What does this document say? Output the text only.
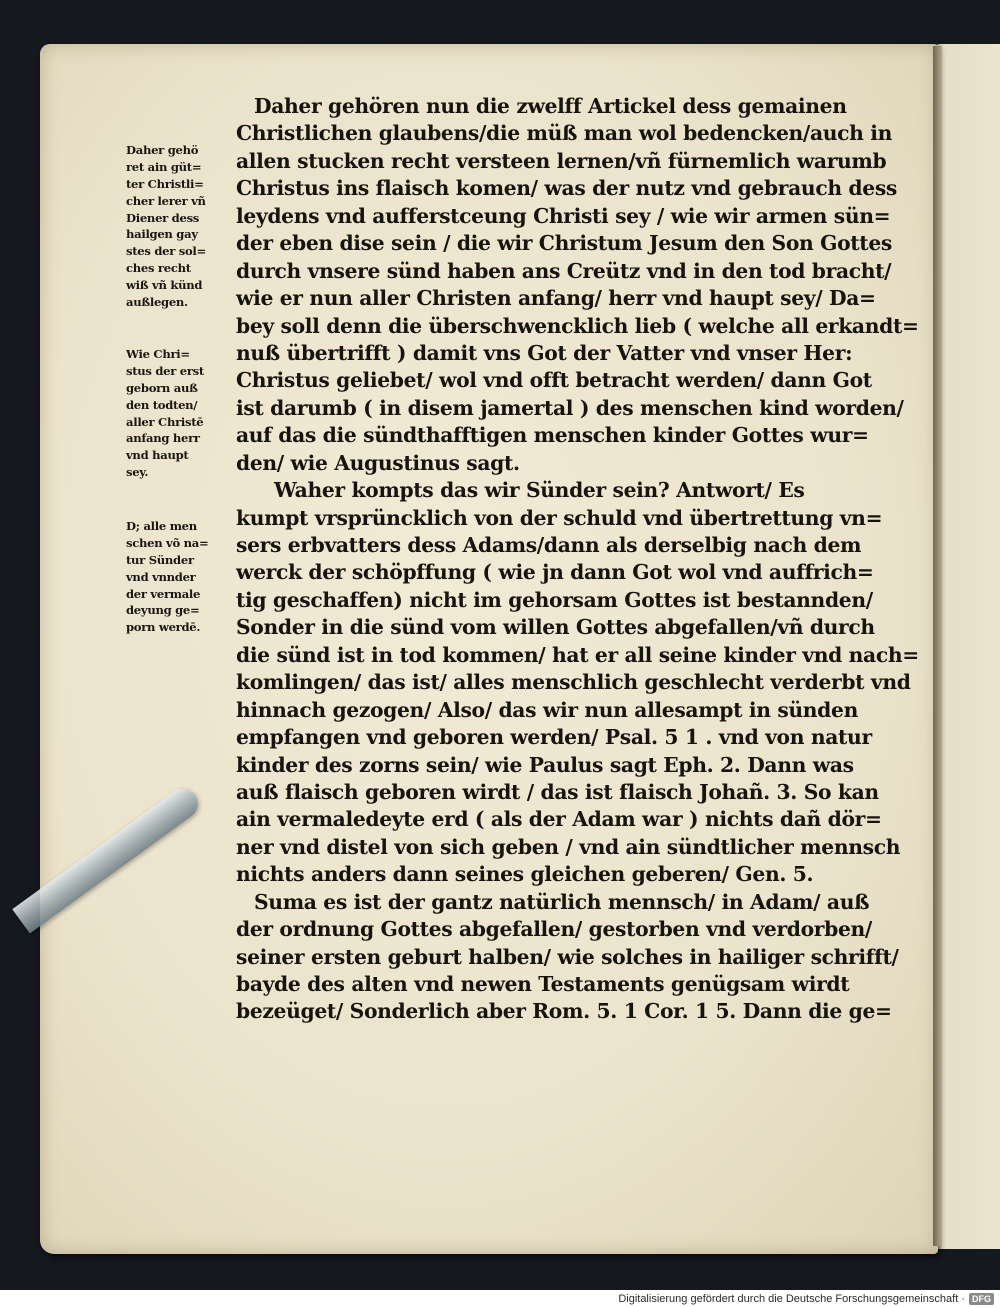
Daher gehö
ret ain güt=
ter Christli=
cher lerer vñ
Diener dess
hailgen gay
stes der sol=
ches recht
wiß vñ künd
außlegen.
Wie Chri=
stus der erst
geborn auß
den todten/
aller Christē
anfang herr
vnd haupt
sey.
D; alle men
schen võ na=
tur Sünder
vnd vnnder
der vermale
deyung ge=
porn werdē.
Daher gehören nun die zwelff Artickel dess gemainen
Christlichen glaubens/die müß man wol bedencken/auch in
allen stucken recht versteen lernen/vñ fürnemlich warumb
Christus ins flaisch komen/ was der nutz vnd gebrauch dess
leydens vnd aufferstceung Christi sey / wie wir armen sün=
der eben dise sein / die wir Christum Jesum den Son Gottes
durch vnsere sünd haben ans Creütz vnd in den tod bracht/
wie er nun aller Christen anfang/ herr vnd haupt sey/ Da=
bey soll denn die überschwencklich lieb ( welche all erkandt=
nuß übertrifft ) damit vns Got der Vatter vnd vnser Her:
Christus geliebet/ wol vnd offt betracht werden/ dann Got
ist darumb ( in disem jamertal ) des menschen kind worden/
auf das die sündthafftigen menschen kinder Gottes wur=
den/ wie Augustinus sagt.
Waher kompts das wir Sünder sein? Antwort/ Es
kumpt vrsprüncklich von der schuld vnd übertrettung vn=
sers erbvatters dess Adams/dann als derselbig nach dem
werck der schöpffung ( wie jn dann Got wol vnd auffrich=
tig geschaffen) nicht im gehorsam Gottes ist bestannden/
Sonder in die sünd vom willen Gottes abgefallen/vñ durch
die sünd ist in tod kommen/ hat er all seine kinder vnd nach=
komlingen/ das ist/ alles menschlich geschlecht verderbt vnd
hinnach gezogen/ Also/ das wir nun allesampt in sünden
empfangen vnd geboren werden/ Psal. 5 1 . vnd von natur
kinder des zorns sein/ wie Paulus sagt Eph. 2. Dann was
auß flaisch geboren wirdt / das ist flaisch Johañ. 3. So kan
ain vermaledeyte erd ( als der Adam war ) nichts dañ dör=
ner vnd distel von sich geben / vnd ain sündtlicher mennsch
nichts anders dann seines gleichen geberen/ Gen. 5.
Suma es ist der gantz natürlich mennsch/ in Adam/ auß
der ordnung Gottes abgefallen/ gestorben vnd verdorben/
seiner ersten geburt halben/ wie solches in hailiger schrifft/
bayde des alten vnd newen Testaments genügsam wirdt
bezeüget/ Sonderlich aber Rom. 5. 1 Cor. 1 5. Dann die ge=
Digitalisierung gefördert durch die Deutsche Forschungsgemeinschaft · DFG
